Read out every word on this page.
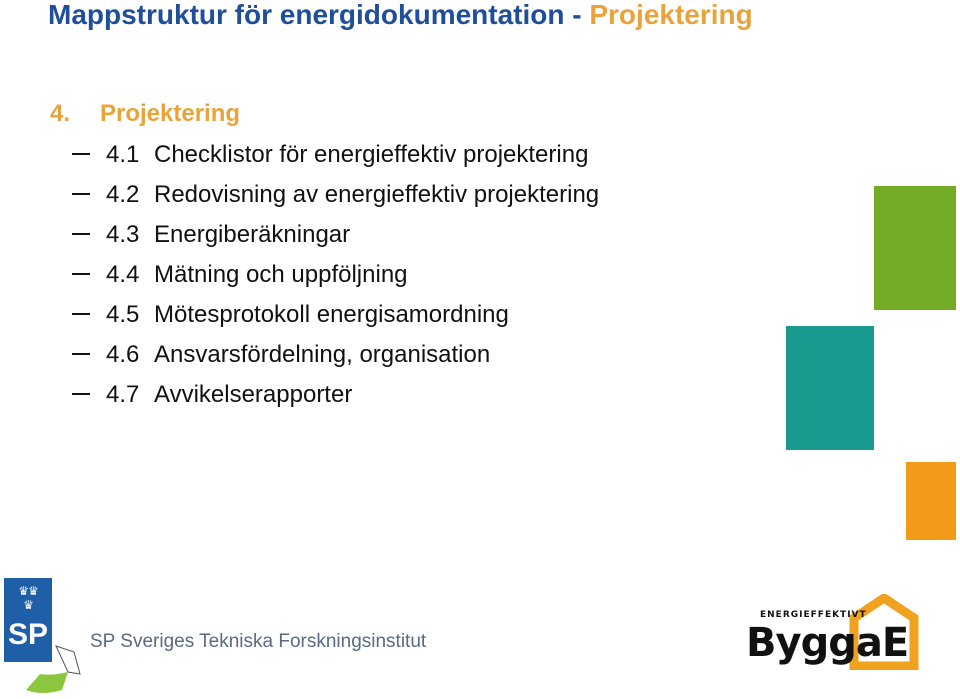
Mappstruktur för energidokumentation - Projektering
4. Projektering
4.1 Checklistor för energieffektiv projektering
4.2 Redovisning av energieffektiv projektering
4.3 Energiberäkningar
4.4 Mätning och uppföljning
4.5 Mötesprotokoll energisamordning
4.6 Ansvarsfördelning, organisation
4.7 Avvikelserapporter
♛♛
♛
SP SP Sveriges Tekniska Forskningsinstitut
ENERGIEFFEKTIVT
ByggaE
